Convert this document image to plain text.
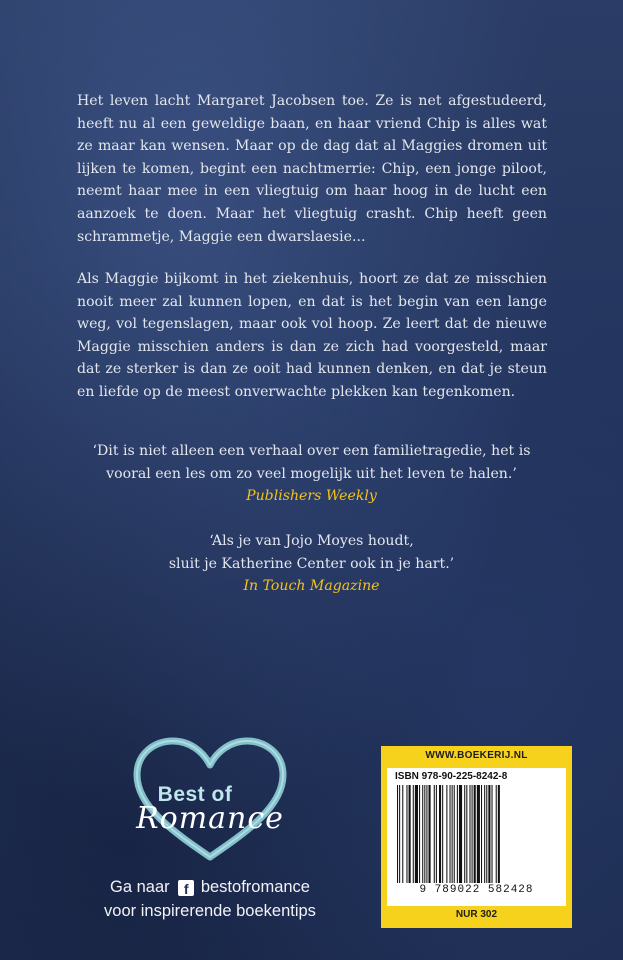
Het leven lacht Margaret Jacobsen toe. Ze is net afgestudeerd, heeft nu al een geweldige baan, en haar vriend Chip is alles wat ze maar kan wensen. Maar op de dag dat al Maggies dromen uit lijken te komen, begint een nachtmerrie: Chip, een jonge piloot, neemt haar mee in een vliegtuig om haar hoog in de lucht een aanzoek te doen. Maar het vliegtuig crasht. Chip heeft geen schrammetje, Maggie een dwarslaesie...
Als Maggie bijkomt in het ziekenhuis, hoort ze dat ze misschien nooit meer zal kunnen lopen, en dat is het begin van een lange weg, vol tegenslagen, maar ook vol hoop. Ze leert dat de nieuwe Maggie misschien anders is dan ze zich had voorgesteld, maar dat ze sterker is dan ze ooit had kunnen denken, en dat je steun en liefde op de meest onverwachte plekken kan tegenkomen.
‘Dit is niet alleen een verhaal over een familietragedie, het is
vooral een les om zo veel mogelijk uit het leven te halen.’
Publishers Weekly
‘Als je van Jojo Moyes houdt,
sluit je Katherine Center ook in je hart.’
In Touch Magazine
Best of
Romance
Ga naar f bestofromance
voor inspirerende boekentips
WWW.BOEKERIJ.NL
ISBN 978-90-225-8242-8
9 789022 582428
NUR 302
